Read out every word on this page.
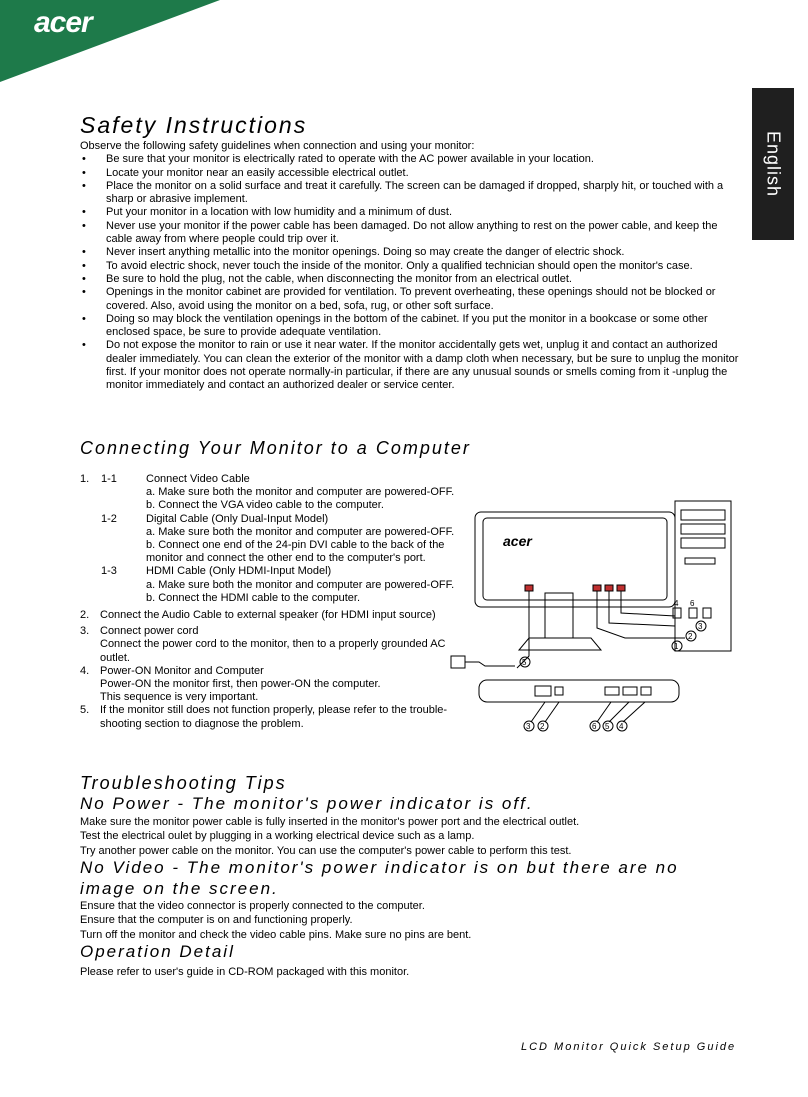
acer
English
Safety Instructions
Observe the following safety guidelines when connection and using your monitor:
• Be sure that your monitor is electrically rated to operate with the AC power available in your location.
• Locate your monitor near an easily accessible electrical outlet.
• Place the monitor on a solid surface and treat it carefully. The screen can be damaged if dropped, sharply hit, or touched with a sharp or abrasive implement.
• Put your monitor in a location with low humidity and a minimum of dust.
• Never use your monitor if the power cable has been damaged. Do not allow anything to rest on the power cable, and keep the cable away from where people could trip over it.
• Never insert anything metallic into the monitor openings. Doing so may create the danger of electric shock.
• To avoid electric shock, never touch the inside of the monitor. Only a qualified technician should open the monitor's case.
• Be sure to hold the plug, not the cable, when disconnecting the monitor from an electrical outlet.
• Openings in the monitor cabinet are provided for ventilation. To prevent overheating, these openings should not be blocked or covered. Also, avoid using the monitor on a bed, sofa, rug, or other soft surface.
• Doing so may block the ventilation openings in the bottom of the cabinet. If you put the monitor in a bookcase or some other enclosed space, be sure to provide adequate ventilation.
• Do not expose the monitor to rain or use it near water. If the monitor accidentally gets wet, unplug it and contact an authorized dealer immediately. You can clean the exterior of the monitor with a damp cloth when necessary, but be sure to unplug the monitor first. If your monitor does not operate normally-in particular, if there are any unusual sounds or smells coming from it -unplug the monitor immediately and contact an authorized dealer or service center.
Connecting Your Monitor to a Computer
1. 1-1	Connect Video Cable
a. Make sure both the monitor and computer are powered-OFF.
b. Connect the VGA video cable to the computer.
1-2	Digital Cable (Only Dual-Input Model)
a. Make sure both the monitor and computer are powered-OFF.
b. Connect one end of the 24-pin DVI cable to the back of the monitor and connect the other end to the computer's port.
1-3	HDMI Cable (Only HDMI-Input Model)
a. Make sure both the monitor and computer are powered-OFF.
b. Connect the HDMI cable to the computer.
2. Connect the Audio Cable to external speaker (for HDMI input source)
3. Connect power cord
Connect the power cord to the monitor, then to a properly grounded AC outlet.
4. Power-ON Monitor and Computer
Power-ON the monitor first, then power-ON the computer.
This sequence is very important.
5. If the monitor still does not function properly, please refer to the trouble-shooting section to diagnose the problem.
acer
5
1
2
3
3 2	6 5 4
4 6
Troubleshooting Tips
No Power - The monitor's power indicator is off.
Make sure the monitor power cable is fully inserted in the monitor's power port and the electrical outlet.
Test the electrical oulet by plugging in a working electrical device such as a lamp.
Try another power cable on the monitor. You can use the computer's power cable to perform this test.
No Video - The monitor's power indicator is on but there are no
image on the screen.
Ensure that the video connector is properly connected to the computer.
Ensure that the computer is on and functioning properly.
Turn off the monitor and check the video cable pins. Make sure no pins are bent.
Operation Detail
Please refer to user's guide in CD-ROM packaged with this monitor.
LCD Monitor Quick Setup Guide
